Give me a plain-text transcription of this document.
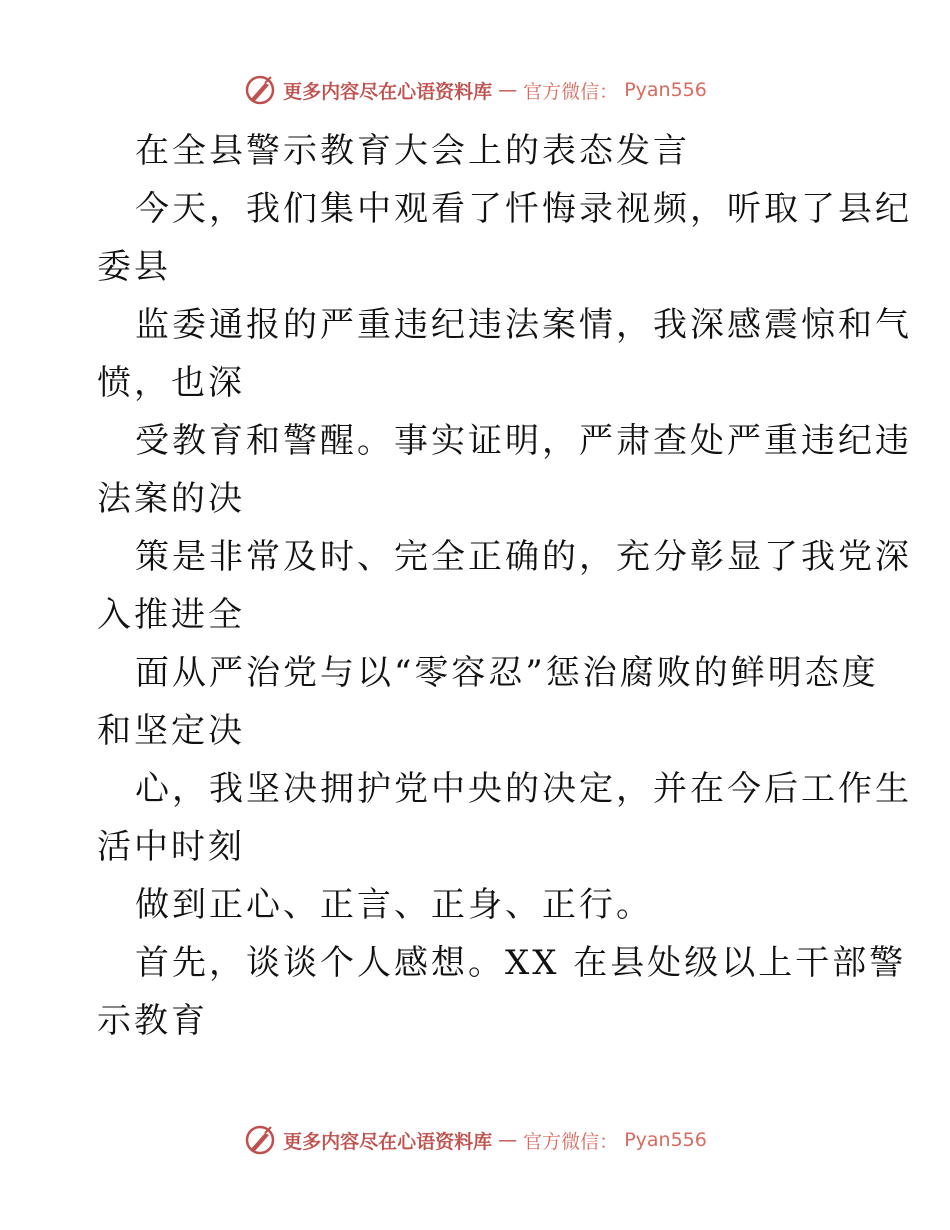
更多内容尽在心语资料库 — 官方微信： Pyan556
在全县警示教育大会上的表态发言
今天，我们集中观看了忏悔录视频，听取了县纪
委县
监委通报的严重违纪违法案情，我深感震惊和气
愤，也深
受教育和警醒。事实证明，严肃查处严重违纪违
法案的决
策是非常及时、完全正确的，充分彰显了我党深
入推进全
面从严治党与以“零容忍”惩治腐败的鲜明态度
和坚定决
心，我坚决拥护党中央的决定，并在今后工作生
活中时刻
做到正心、正言、正身、正行。
首先，谈谈个人感想。XX 在县处级以上干部警
示教育
更多内容尽在心语资料库 — 官方微信： Pyan556
